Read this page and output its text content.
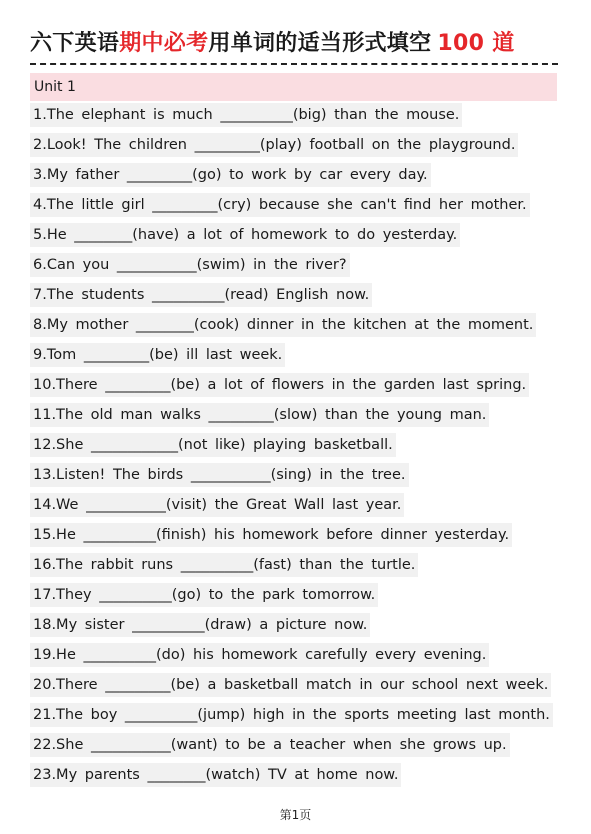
六下英语期中必考用单词的适当形式填空 100 道
Unit 1
1.The elephant is much __________(big) than the mouse.
2.Look! The children _________(play) football on the playground.
3.My father _________(go) to work by car every day.
4.The little girl _________(cry) because she can't find her mother.
5.He ________(have) a lot of homework to do yesterday.
6.Can you ___________(swim) in the river?
7.The students __________(read) English now.
8.My mother ________(cook) dinner in the kitchen at the moment.
9.Tom _________(be) ill last week.
10.There _________(be) a lot of flowers in the garden last spring.
11.The old man walks _________(slow) than the young man.
12.She ____________(not like) playing basketball.
13.Listen! The birds ___________(sing) in the tree.
14.We ___________(visit) the Great Wall last year.
15.He __________(finish) his homework before dinner yesterday.
16.The rabbit runs __________(fast) than the turtle.
17.They __________(go) to the park tomorrow.
18.My sister __________(draw) a picture now.
19.He __________(do) his homework carefully every evening.
20.There _________(be) a basketball match in our school next week.
21.The boy __________(jump) high in the sports meeting last month.
22.She ___________(want) to be a teacher when she grows up.
23.My parents ________(watch) TV at home now.
第1页
